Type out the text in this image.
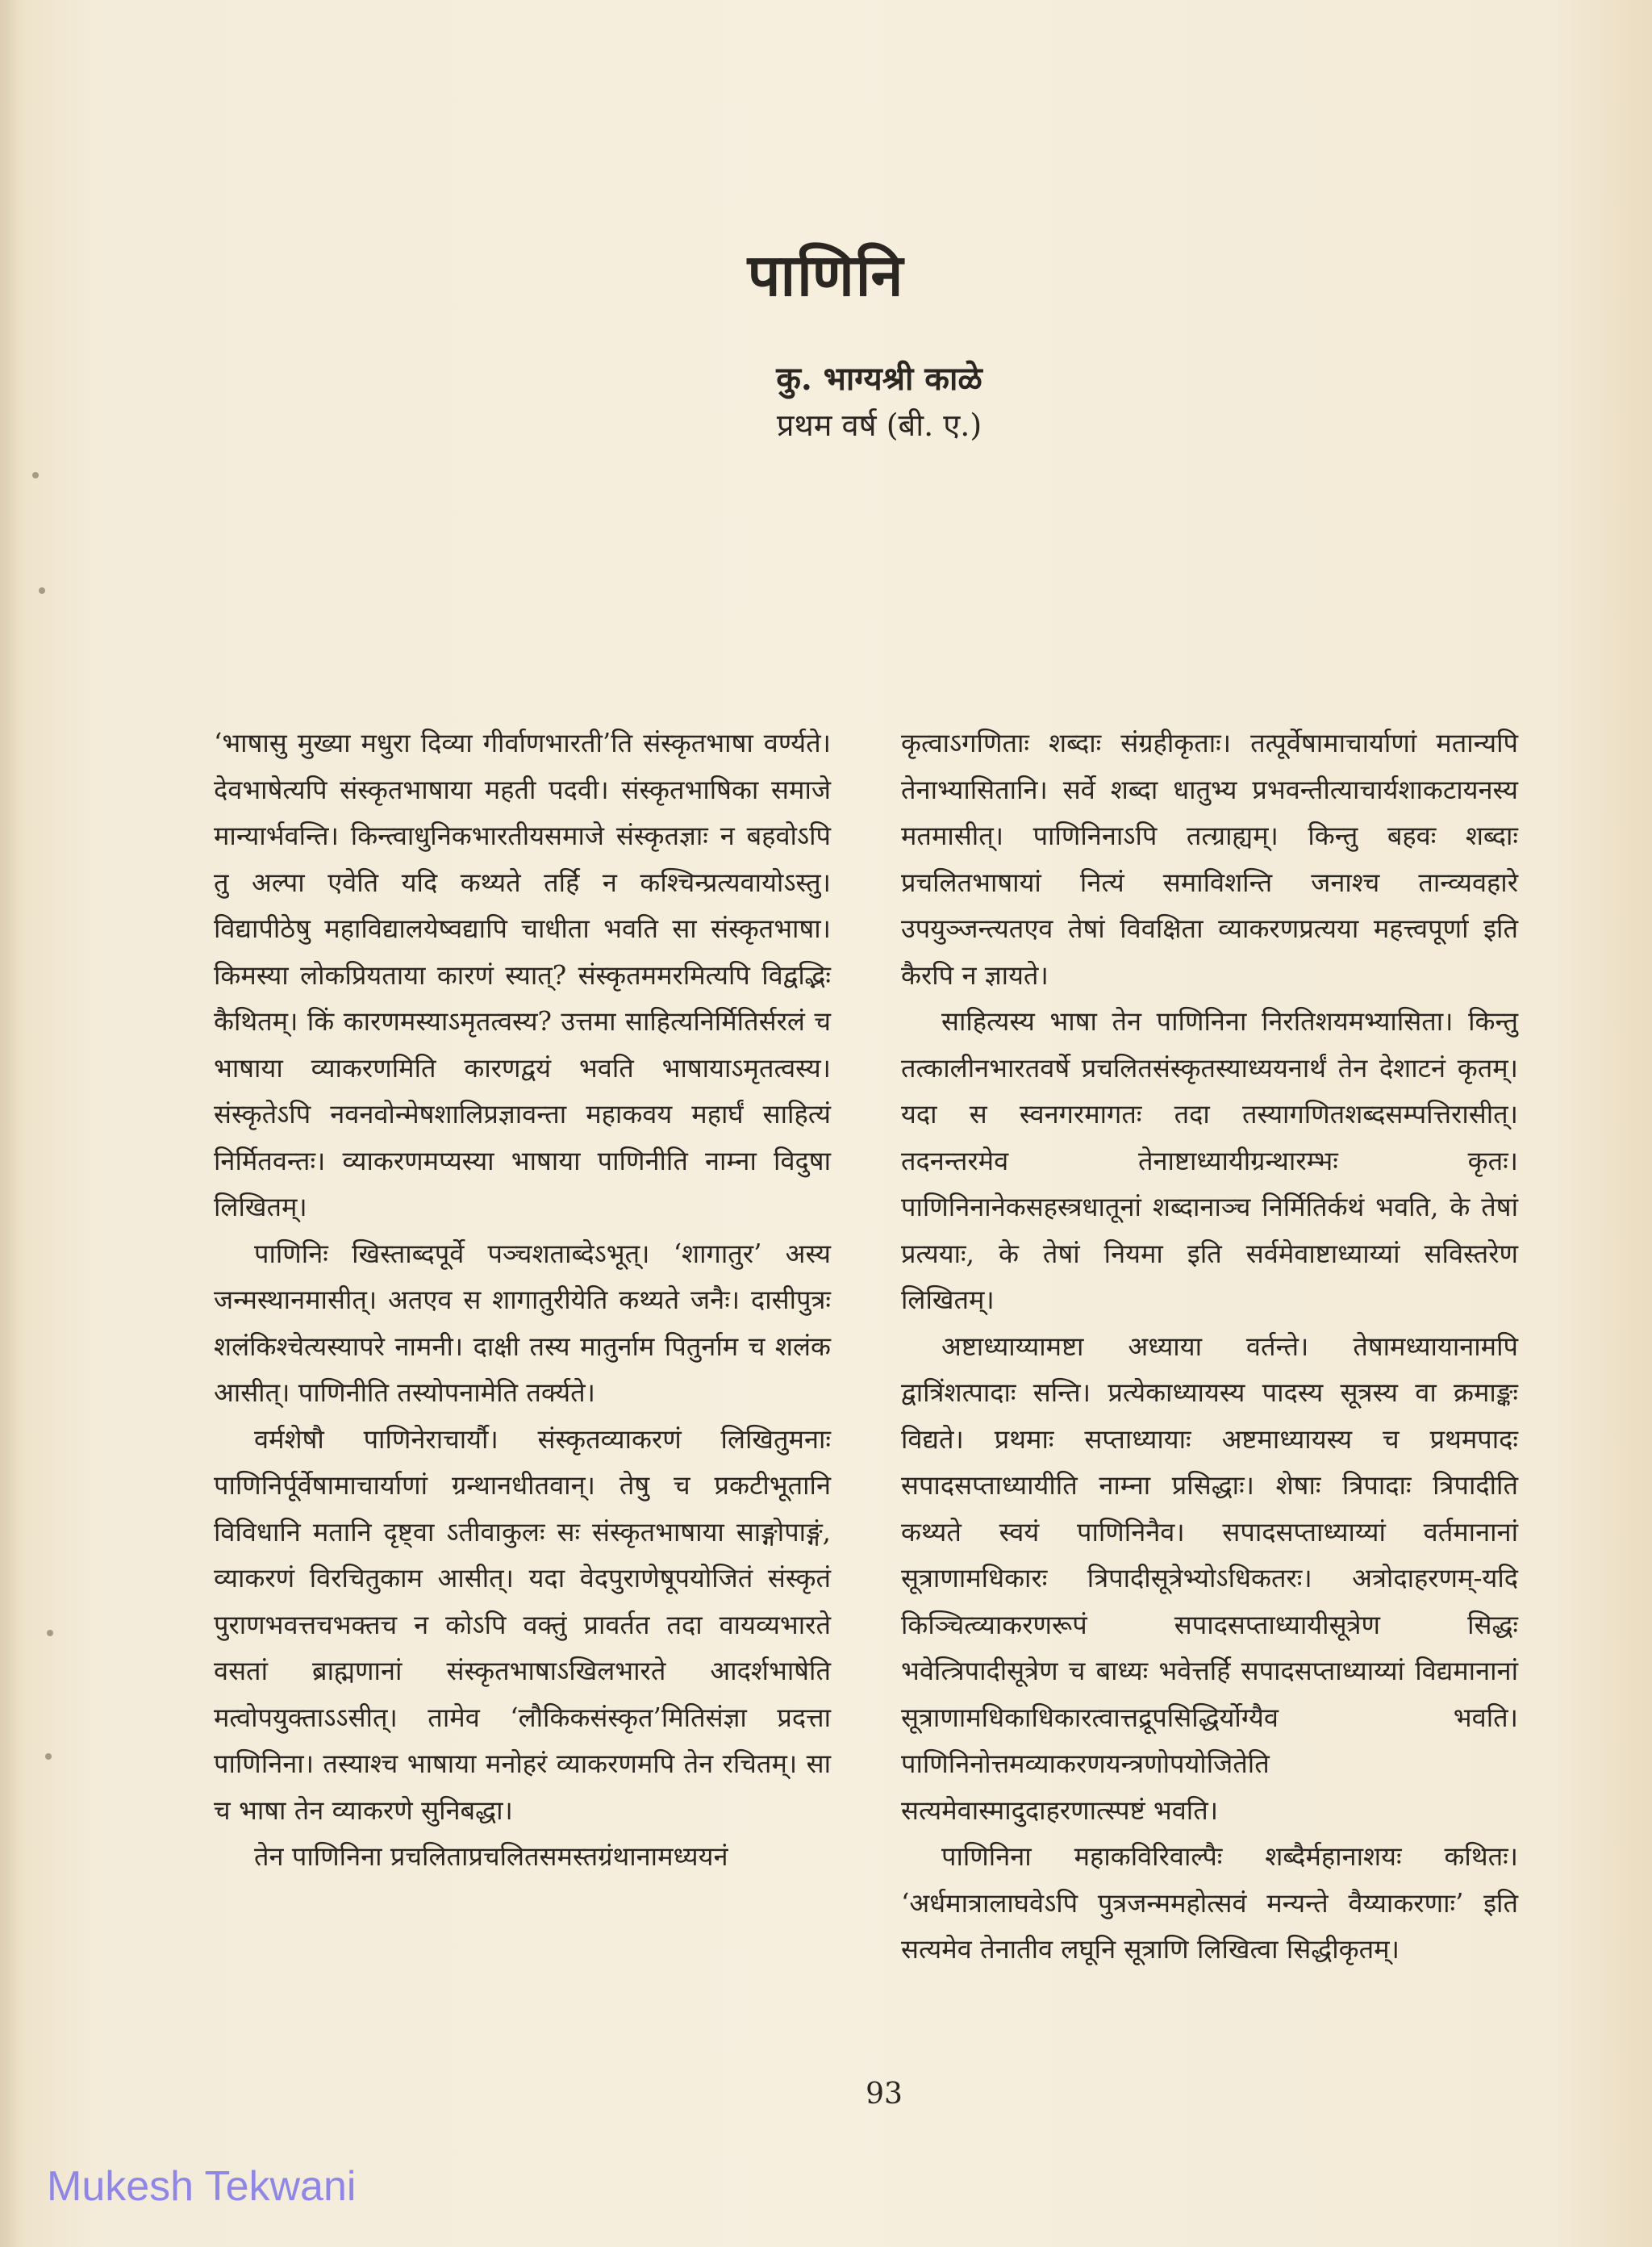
पाणिनि
कु. भाग्यश्री काळे
प्रथम वर्ष (बी. ए.)

‘भाषासु मुख्या मधुरा दिव्या गीर्वाणभारती’ति संस्कृतभाषा वर्ण्यते। देवभाषेत्यपि संस्कृतभाषाया महती पदवी। संस्कृतभाषिका समाजे मान्यार्भवन्ति। किन्त्वाधुनिकभारतीयसमाजे संस्कृतज्ञाः न बहवोऽपि तु अल्पा एवेति यदि कथ्यते तर्हि न कश्चिन्प्रत्यवायोऽस्तु। विद्यापीठेषु महाविद्यालयेष्वद्यापि चाधीता भवति सा संस्कृतभाषा। किमस्या लोकप्रियताया कारणं स्यात्? संस्कृतममरमित्यपि विद्वद्भिः कैथितम्। किं कारणमस्याऽमृतत्वस्य? उत्तमा साहित्यनिर्मितिर्सरलं च भाषाया व्याकरणमिति कारणद्वयं भवति भाषायाऽमृतत्वस्य। संस्कृतेऽपि नवनवोन्मेषशालिप्रज्ञावन्ता महाकवय महार्घं साहित्यं निर्मितवन्तः। व्याकरणमप्यस्या भाषाया पाणिनीति नाम्ना विदुषा लिखितम्।

पाणिनिः खिस्ताब्दपूर्वे पञ्चशताब्देऽभूत्। ‘शागातुर’ अस्य जन्मस्थानमासीत्। अतएव स शागातुरीयेति कथ्यते जनैः। दासीपुत्रः शलंकिश्चेत्यस्यापरे नामनी। दाक्षी तस्य मातुर्नाम पितुर्नाम च शलंक आसीत्। पाणिनीति तस्योपनामेति तर्क्यते।

वर्मशेषौ पाणिनेराचार्यौ। संस्कृतव्याकरणं लिखितुमनाः पाणिनिर्पूर्वेषामाचार्याणां ग्रन्थानधीतवान्। तेषु च प्रकटीभूतानि विविधानि मतानि दृष्ट्वा ऽतीवाकुलः सः संस्कृतभाषाया साङ्गोपाङ्गं, व्याकरणं विरचितुकाम आसीत्। यदा वेदपुराणेषूपयोजितं संस्कृतं पुराणभवत्तचभक्तच न कोऽपि वक्तुं प्रावर्तत तदा वायव्यभारते वसतां ब्राह्मणानां संस्कृतभाषाऽखिलभारते आदर्शभाषेति मत्वोपयुक्ताऽऽसीत्। तामेव ‘लौकिकसंस्कृत’मितिसंज्ञा प्रदत्ता पाणिनिना। तस्याश्च भाषाया मनोहरं व्याकरणमपि तेन रचितम्। सा च भाषा तेन व्याकरणे सुनिबद्धा।

तेन पाणिनिना प्रचलिताप्रचलितसमस्तग्रंथानामध्ययनं

कृत्वाऽगणिताः शब्दाः संग्रहीकृताः। तत्पूर्वेषामाचार्याणां मतान्यपि तेनाभ्यासितानि। सर्वे शब्दा धातुभ्य प्रभवन्तीत्याचार्यशाकटायनस्य मतमासीत्। पाणिनिनाऽपि तत्ग्राह्यम्। किन्तु बहवः शब्दाः प्रचलितभाषायां नित्यं समाविशन्ति जनाश्च तान्व्यवहारे उपयुञ्जन्त्यतएव तेषां विवक्षिता व्याकरणप्रत्यया महत्त्वपूर्णा इति कैरपि न ज्ञायते।

साहित्यस्य भाषा तेन पाणिनिना निरतिशयमभ्यासिता। किन्तु तत्कालीनभारतवर्षे प्रचलितसंस्कृतस्याध्ययनार्थं तेन देशाटनं कृतम्। यदा स स्वनगरमागतः तदा तस्यागणितशब्दसम्पत्तिरासीत्। तदनन्तरमेव तेनाष्टाध्यायीग्रन्थारम्भः कृतः। पाणिनिनानेकसहस्त्रधातूनां शब्दानाञ्च निर्मितिर्कथं भवति, के तेषां प्रत्ययाः, के तेषां नियमा इति सर्वमेवाष्टाध्याय्यां सविस्तरेण लिखितम्।

अष्टाध्याय्यामष्टा अध्याया वर्तन्ते। तेषामध्यायानामपि द्वात्रिंशत्पादाः सन्ति। प्रत्येकाध्यायस्य पादस्य सूत्रस्य वा क्रमाङ्कः विद्यते। प्रथमाः सप्ताध्यायाः अष्टमाध्यायस्य च प्रथमपादः सपादसप्ताध्यायीति नाम्ना प्रसिद्धाः। शेषाः त्रिपादाः त्रिपादीति कथ्यते स्वयं पाणिनिनैव। सपादसप्ताध्याय्यां वर्तमानानां सूत्राणामधिकारः त्रिपादीसूत्रेभ्योऽधिकतरः। अत्रोदाहरणम्-यदि किञ्चित्व्याकरणरूपं सपादसप्ताध्यायीसूत्रेण सिद्धः भवेत्त्रिपादीसूत्रेण च बाध्यः भवेत्तर्हि सपादसप्ताध्याय्यां विद्यमानानां सूत्राणामधिकाधिकारत्वात्तद्रूपसिद्धिर्योग्यैव भवति। पाणिनिनोत्तमव्याकरणयन्त्रणोपयोजितेति सत्यमेवास्मादुदाहरणात्स्पष्टं भवति।

पाणिनिना महाकविरिवाल्पैः शब्दैर्महानाशयः कथितः। ‘अर्धमात्रालाघवेऽपि पुत्रजन्ममहोत्सवं मन्यन्ते वैय्याकरणाः’ इति सत्यमेव तेनातीव लघूनि सूत्राणि लिखित्वा सिद्धीकृतम्।

93
Mukesh Tekwani
